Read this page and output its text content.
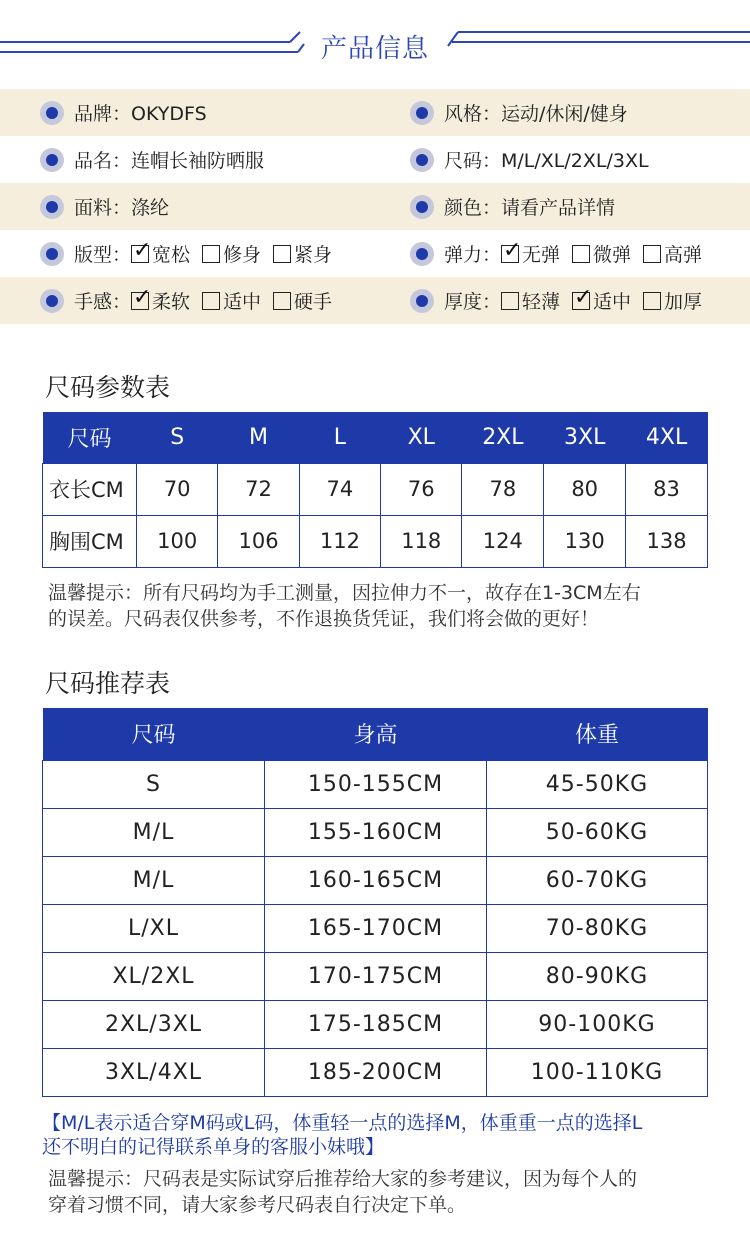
产品信息
品牌：OKYDFS	风格：运动/休闲/健身
品名：连帽长袖防晒服	尺码：M/L/XL/2XL/3XL
面料：涤纶	颜色：请看产品详情
版型： ✓ 宽松 修身 紧身	弹力：
✓ 无弹 微弹 高弹
手感： ✓ 柔软 适中 硬手	厚度： 轻薄
✓ 适中 加厚
尺码参数表
尺码	S	M	L	XL	2XL	3XL	4XL
衣长CM	70	72	74	76	78	80	83
胸围CM	100	106	112	118	124	130	138
温馨提示：所有尺码均为手工测量，因拉伸力不一，故存在1-3CM左右
的误差。尺码表仅供参考，不作退换货凭证，我们将会做的更好！
尺码推荐表
尺码	身高	体重
S	150-155CM	45-50KG
M/L	155-160CM	50-60KG
M/L	160-165CM	60-70KG
L/XL	165-170CM	70-80KG
XL/2XL	170-175CM	80-90KG
2XL/3XL	175-185CM	90-100KG
3XL/4XL	185-200CM	100-110KG
【M/L表示适合穿M码或L码，体重轻一点的选择M，体重重一点的选择L
还不明白的记得联系单身的客服小妹哦】
温馨提示：尺码表是实际试穿后推荐给大家的参考建议，因为每个人的
穿着习惯不同，请大家参考尺码表自行决定下单。
